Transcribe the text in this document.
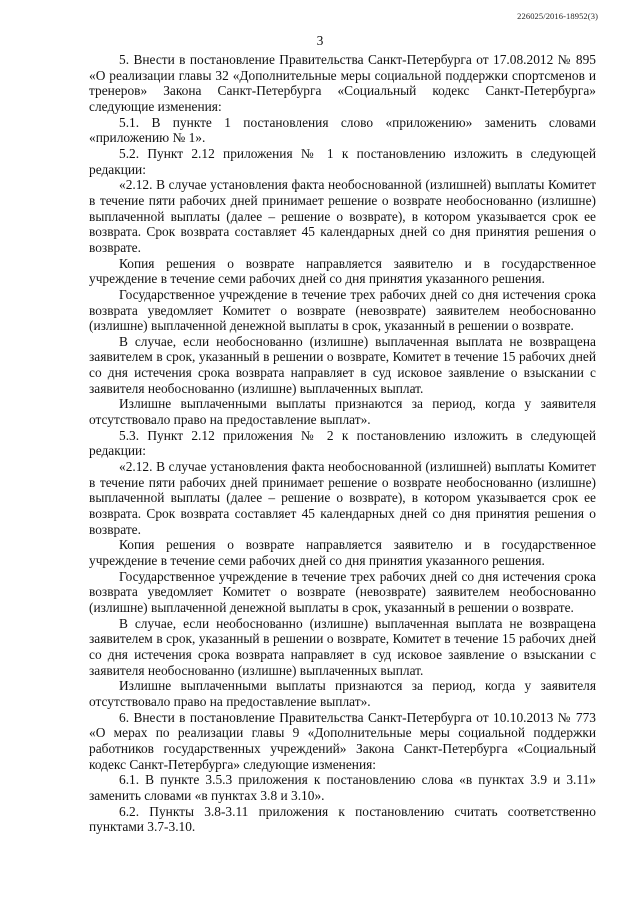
226025/2016-18952(3)
3

5. Внести в постановление Правительства Санкт-Петербурга от 17.08.2012 № 895 «О реализации главы 32 «Дополнительные меры социальной поддержки спортсменов и тренеров» Закона Санкт-Петербурга «Социальный кодекс Санкт-Петербурга» следующие изменения:

5.1. В пункте 1 постановления слово «приложению» заменить словами «приложению № 1».

5.2. Пункт 2.12 приложения № 1 к постановлению изложить в следующей редакции:

«2.12. В случае установления факта необоснованной (излишней) выплаты Комитет в течение пяти рабочих дней принимает решение о возврате необоснованно (излишне) выплаченной выплаты (далее – решение о возврате), в котором указывается срок ее возврата. Срок возврата составляет 45 календарных дней со дня принятия решения о возврате.

Копия решения о возврате направляется заявителю и в государственное учреждение в течение семи рабочих дней со дня принятия указанного решения.

Государственное учреждение в течение трех рабочих дней со дня истечения срока возврата уведомляет Комитет о возврате (невозврате) заявителем необоснованно (излишне) выплаченной денежной выплаты в срок, указанный в решении о возврате.

В случае, если необоснованно (излишне) выплаченная выплата не возвращена заявителем в срок, указанный в решении о возврате, Комитет в течение 15 рабочих дней со дня истечения срока возврата направляет в суд исковое заявление о взыскании с заявителя необоснованно (излишне) выплаченных выплат.

Излишне выплаченными выплаты признаются за период, когда у заявителя отсутствовало право на предоставление выплат».

5.3. Пункт 2.12 приложения № 2 к постановлению изложить в следующей редакции:

«2.12. В случае установления факта необоснованной (излишней) выплаты Комитет в течение пяти рабочих дней принимает решение о возврате необоснованно (излишне) выплаченной выплаты (далее – решение о возврате), в котором указывается срок ее возврата. Срок возврата составляет 45 календарных дней со дня принятия решения о возврате.

Копия решения о возврате направляется заявителю и в государственное учреждение в течение семи рабочих дней со дня принятия указанного решения.

Государственное учреждение в течение трех рабочих дней со дня истечения срока возврата уведомляет Комитет о возврате (невозврате) заявителем необоснованно (излишне) выплаченной денежной выплаты в срок, указанный в решении о возврате.

В случае, если необоснованно (излишне) выплаченная выплата не возвращена заявителем в срок, указанный в решении о возврате, Комитет в течение 15 рабочих дней со дня истечения срока возврата направляет в суд исковое заявление о взыскании с заявителя необоснованно (излишне) выплаченных выплат.

Излишне выплаченными выплаты признаются за период, когда у заявителя отсутствовало право на предоставление выплат».

6. Внести в постановление Правительства Санкт-Петербурга от 10.10.2013 № 773 «О мерах по реализации главы 9 «Дополнительные меры социальной поддержки работников государственных учреждений» Закона Санкт-Петербурга «Социальный кодекс Санкт-Петербурга» следующие изменения:

6.1. В пункте 3.5.3 приложения к постановлению слова «в пунктах 3.9 и 3.11» заменить словами «в пунктах 3.8 и 3.10».

6.2. Пункты 3.8-3.11 приложения к постановлению считать соответственно пунктами 3.7-3.10.
